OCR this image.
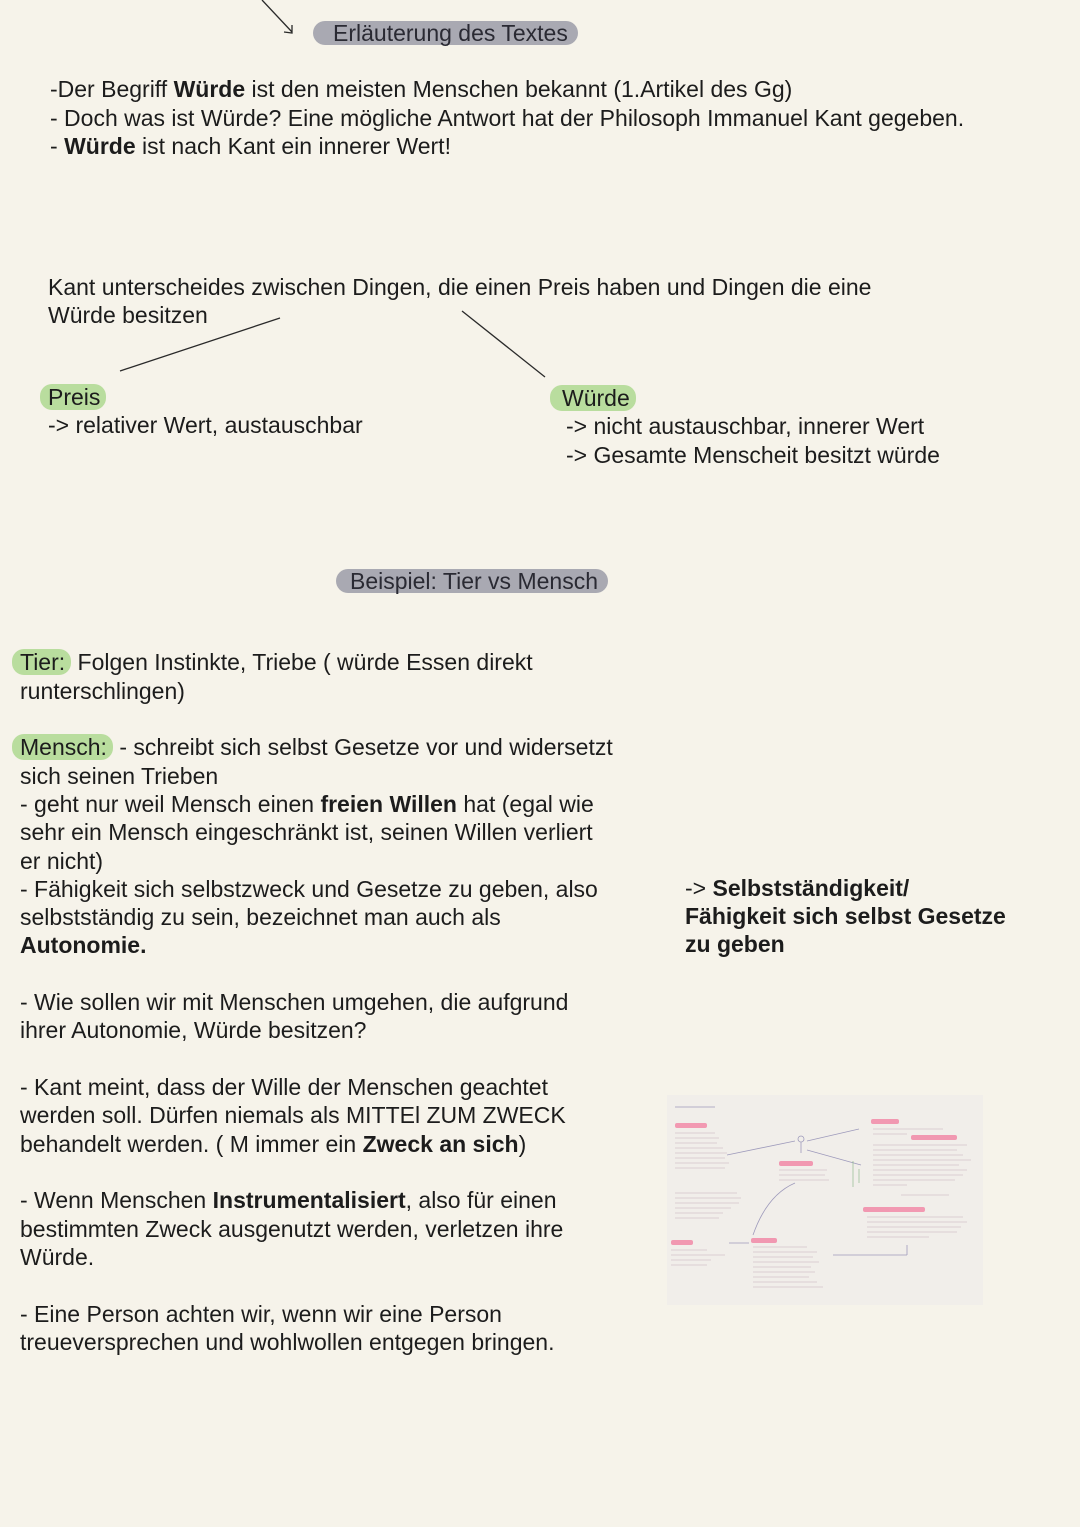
Erläuterung des Textes
-Der Begriff Würde ist den meisten Menschen bekannt (1.Artikel des Gg)
- Doch was ist Würde? Eine mögliche Antwort hat der Philosoph Immanuel Kant gegeben.
- Würde ist nach Kant ein innerer Wert!
Kant unterscheides zwischen Dingen, die einen Preis haben und Dingen die eine
Würde besitzen
Preis
-> relativer Wert, austauschbar
Würde
-> nicht austauschbar, innerer Wert
-> Gesamte Menscheit besitzt würde
Beispiel: Tier vs Mensch
Tier: Folgen Instinkte, Triebe ( würde Essen direkt
runterschlingen)
Mensch: - schreibt sich selbst Gesetze vor und widersetzt
sich seinen Trieben
- geht nur weil Mensch einen freien Willen hat (egal wie
sehr ein Mensch eingeschränkt ist, seinen Willen verliert
er nicht)
- Fähigkeit sich selbstzweck und Gesetze zu geben, also
selbstständig zu sein, bezeichnet man auch als
Autonomie.
-> Selbstständigkeit/
Fähigkeit sich selbst Gesetze
zu geben
- Wie sollen wir mit Menschen umgehen, die aufgrund
ihrer Autonomie, Würde besitzen?
- Kant meint, dass der Wille der Menschen geachtet
werden soll. Dürfen niemals als MITTEl ZUM ZWECK
behandelt werden. ( M immer ein Zweck an sich)
- Wenn Menschen Instrumentalisiert, also für einen
bestimmten Zweck ausgenutzt werden, verletzen ihre
Würde.
- Eine Person achten wir, wenn wir eine Person
treueversprechen und wohlwollen entgegen bringen.
